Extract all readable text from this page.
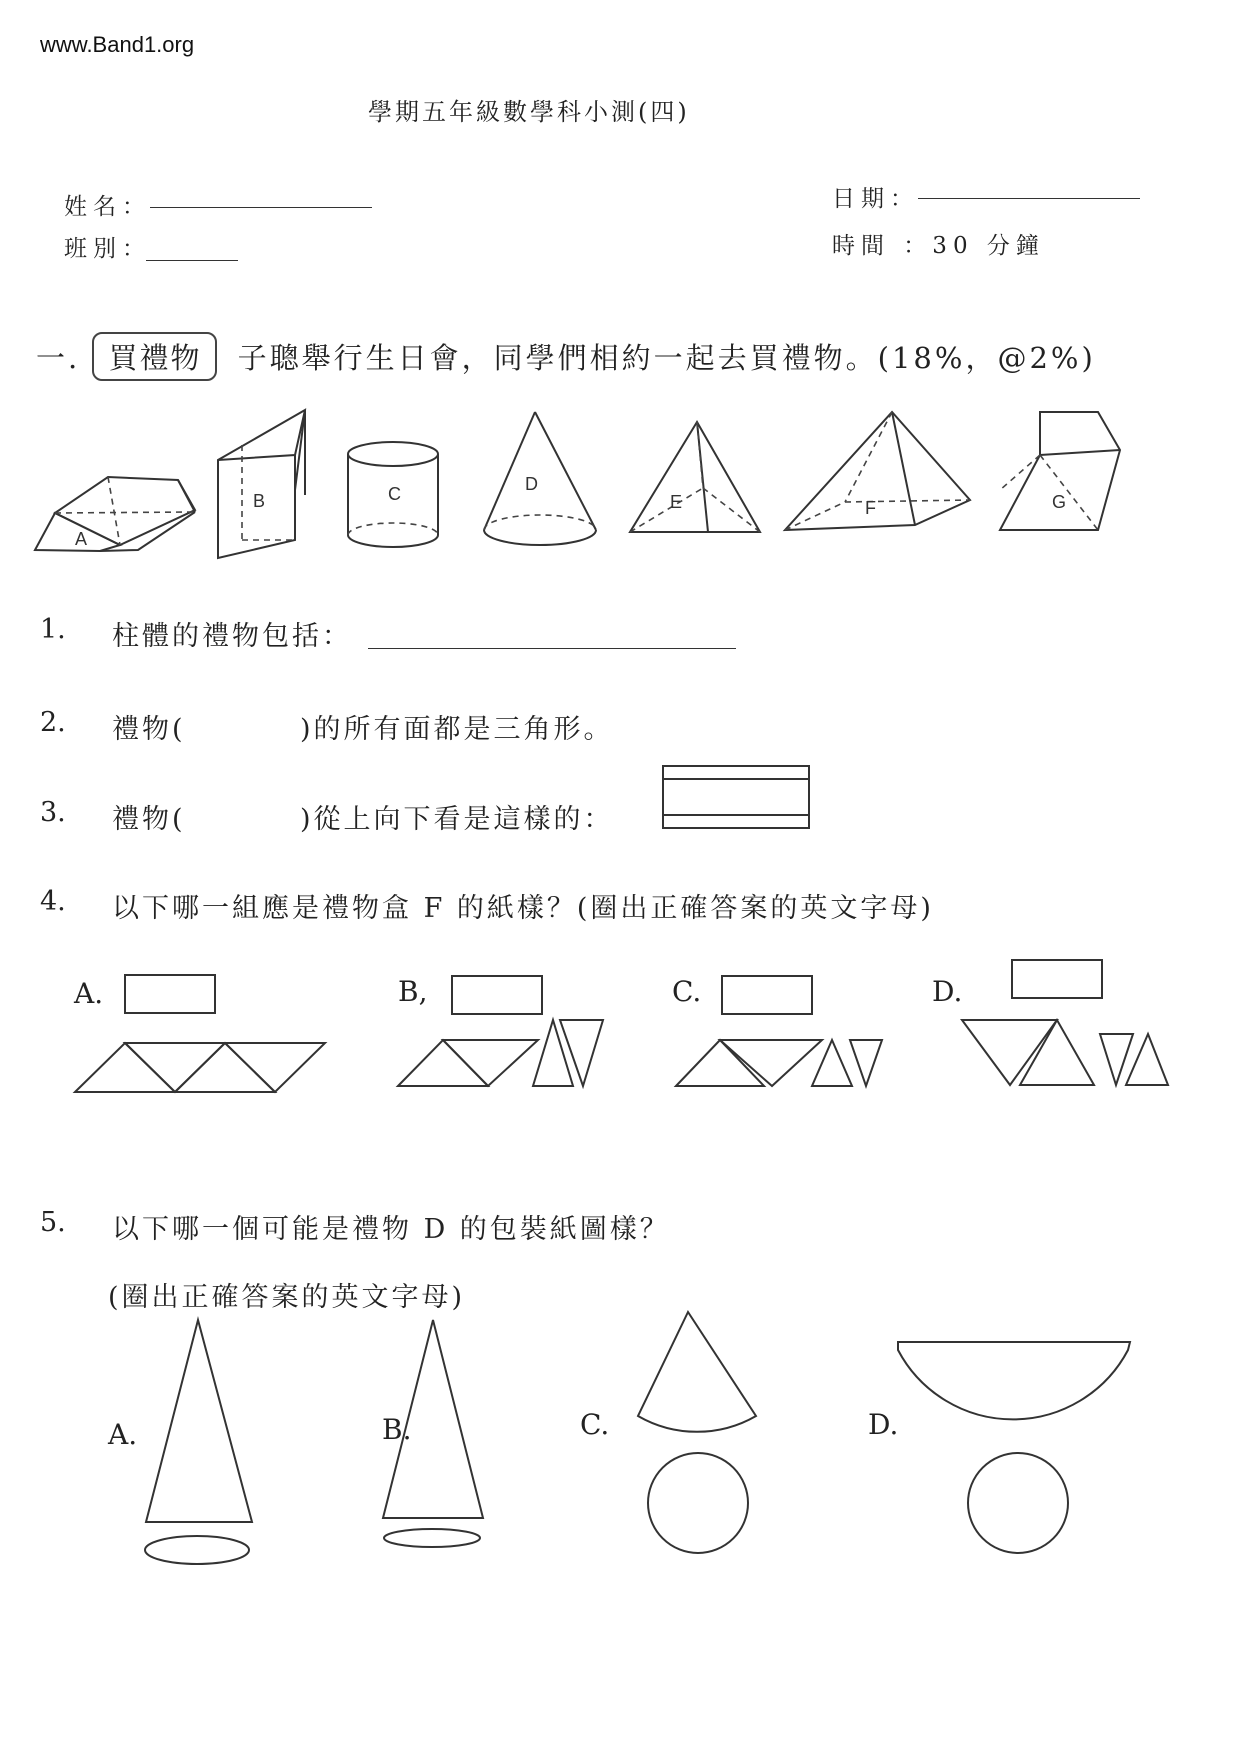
www.Band1.org
學期五年級數學科小測(四)
姓名：
班別：
日期：
時間 ：30 分鐘
一. 買禮物 子聰舉行生日會，同學們相約一起去買禮物。(18%，@2%)
A
B	C	D
E	F	G
1. 柱體的禮物包括：
2. 禮物(	)的所有面都是三角形。
3. 禮物(	)從上向下看是這樣的：
4. 以下哪一組應是禮物盒 F 的紙樣？(圈出正確答案的英文字母)
A.	B,	C.	D.
5. 以下哪一個可能是禮物 D 的包裝紙圖樣？
(圈出正確答案的英文字母)
A.	B.	C.	D.
